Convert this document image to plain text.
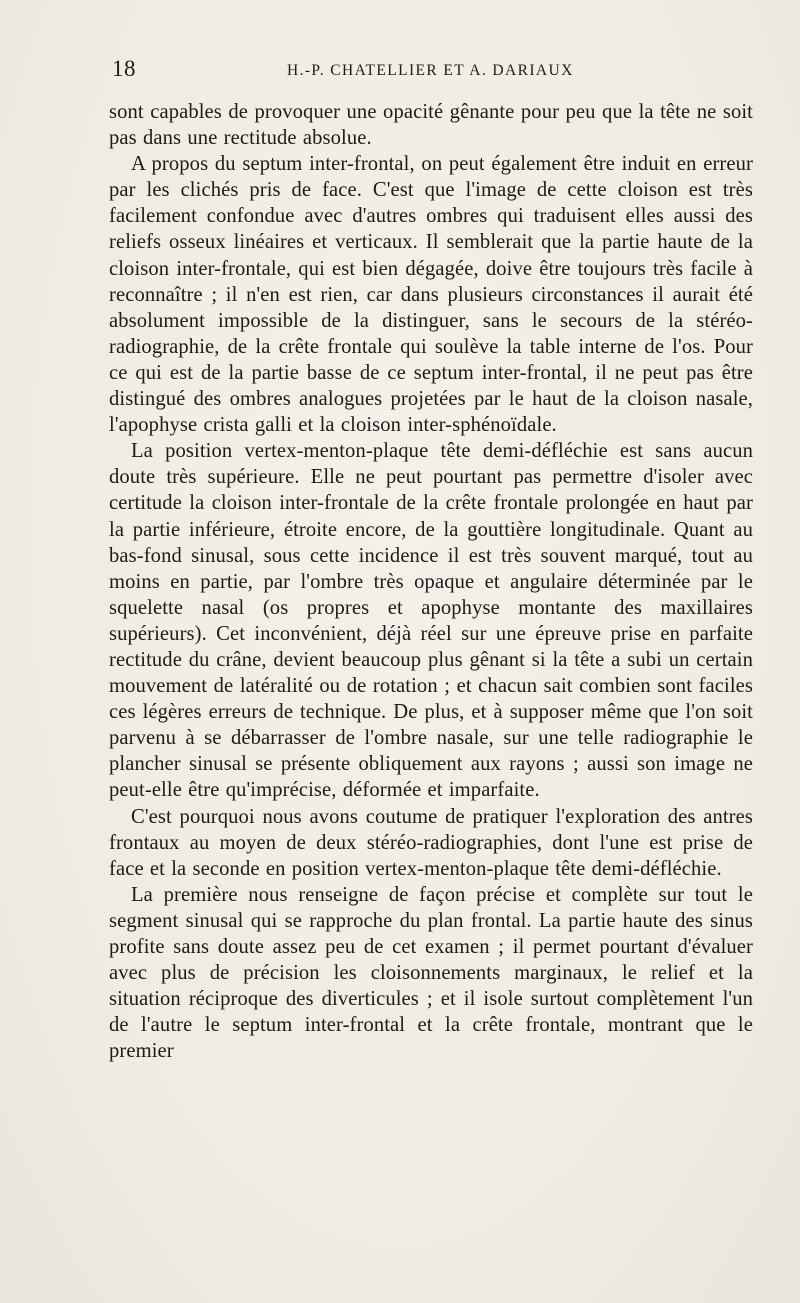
18	H.-P. CHATELLIER ET A. DARIAUX

sont capables de provoquer une opacité gênante pour peu que la tête ne soit pas dans une rectitude absolue.

A propos du septum inter-frontal, on peut également être induit en erreur par les clichés pris de face. C'est que l'image de cette cloison est très facilement confondue avec d'autres ombres qui traduisent elles aussi des reliefs osseux linéaires et verticaux. Il semblerait que la partie haute de la cloison inter-frontale, qui est bien dégagée, doive être toujours très facile à reconnaître ; il n'en est rien, car dans plusieurs circonstances il aurait été absolument impossible de la distinguer, sans le secours de la stéréo-radiographie, de la crête frontale qui soulève la table interne de l'os. Pour ce qui est de la partie basse de ce septum inter-frontal, il ne peut pas être distingué des ombres analogues projetées par le haut de la cloison nasale, l'apophyse crista galli et la cloison inter-sphénoïdale.

La position vertex-menton-plaque tête demi-défléchie est sans aucun doute très supérieure. Elle ne peut pourtant pas permettre d'isoler avec certitude la cloison inter-frontale de la crête frontale prolongée en haut par la partie inférieure, étroite encore, de la gouttière longitudinale. Quant au bas-fond sinusal, sous cette incidence il est très souvent marqué, tout au moins en partie, par l'ombre très opaque et angulaire déterminée par le squelette nasal (os propres et apophyse montante des maxillaires supérieurs). Cet inconvénient, déjà réel sur une épreuve prise en parfaite rectitude du crâne, devient beaucoup plus gênant si la tête a subi un certain mouvement de latéralité ou de rotation ; et chacun sait combien sont faciles ces légères erreurs de technique. De plus, et à supposer même que l'on soit parvenu à se débarrasser de l'ombre nasale, sur une telle radiographie le plancher sinusal se présente obliquement aux rayons ; aussi son image ne peut-elle être qu'imprécise, déformée et imparfaite.

C'est pourquoi nous avons coutume de pratiquer l'exploration des antres frontaux au moyen de deux stéréo-radiographies, dont l'une est prise de face et la seconde en position vertex-menton-plaque tête demi-défléchie.

La première nous renseigne de façon précise et complète sur tout le segment sinusal qui se rapproche du plan frontal. La partie haute des sinus profite sans doute assez peu de cet examen ; il permet pourtant d'évaluer avec plus de précision les cloisonnements marginaux, le relief et la situation réciproque des diverticules ; et il isole surtout complètement l'un de l'autre le septum inter-frontal et la crête frontale, montrant que le premier
